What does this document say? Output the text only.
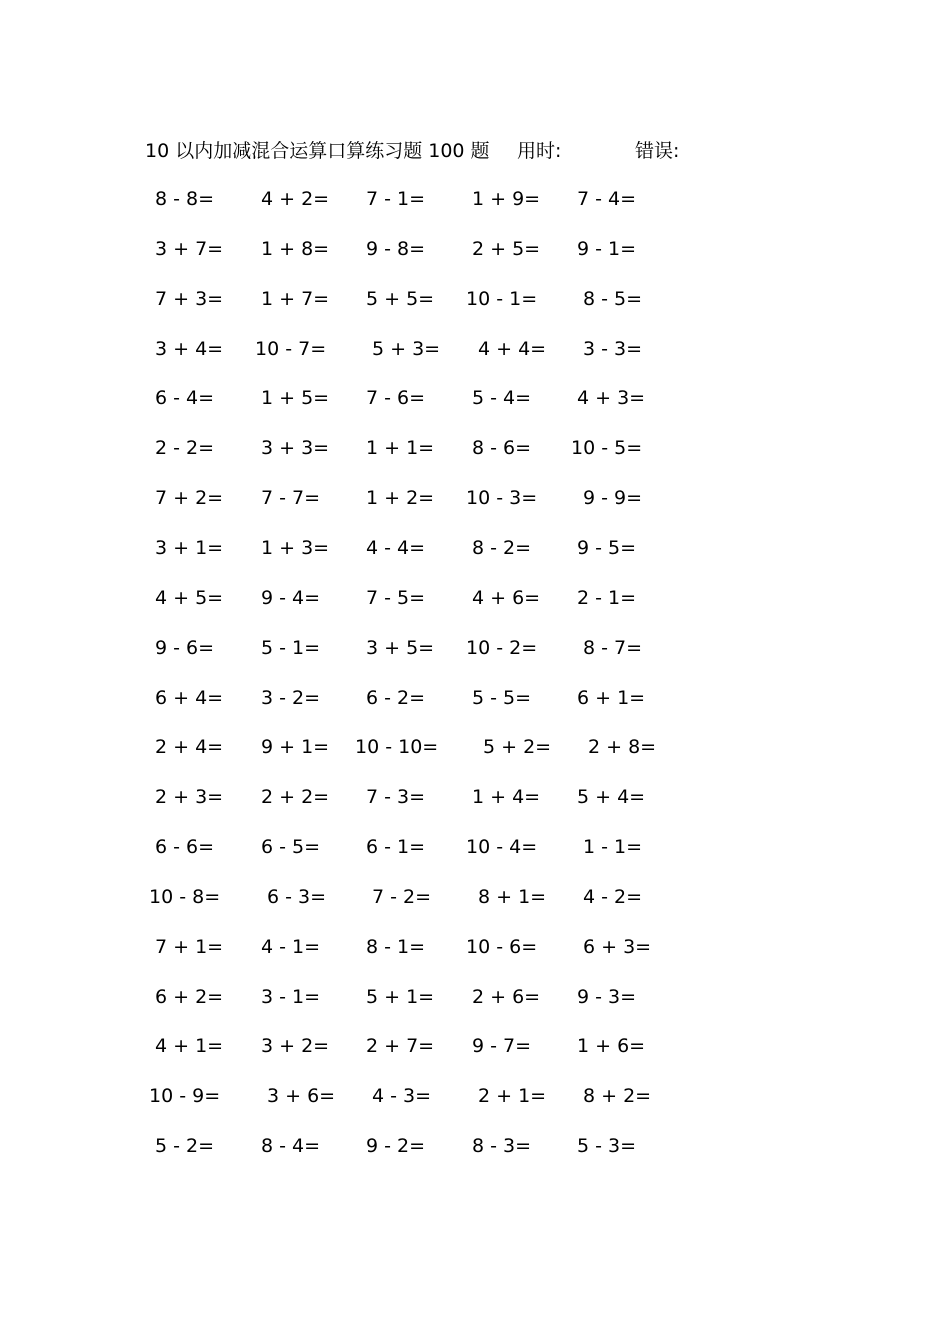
10 以内加减混合运算口算练习题 100 题 用时:	错误:
8 - 8= 4 + 2= 7 - 1= 1 + 9= 7 - 4=
3 + 7= 1 + 8= 9 - 8= 2 + 5= 9 - 1=
7 + 3= 1 + 7= 5 + 5= 10 - 1= 8 - 5=
3 + 4= 10 - 7= 5 + 3= 4 + 4= 3 - 3=
6 - 4= 1 + 5= 7 - 6= 5 - 4= 4 + 3=
2 - 2= 3 + 3= 1 + 1= 8 - 6= 10 - 5=
7 + 2= 7 - 7= 1 + 2= 10 - 3= 9 - 9=
3 + 1= 1 + 3= 4 - 4= 8 - 2= 9 - 5=
4 + 5= 9 - 4= 7 - 5= 4 + 6= 2 - 1=
9 - 6= 5 - 1= 3 + 5= 10 - 2= 8 - 7=
6 + 4= 3 - 2= 6 - 2= 5 - 5= 6 + 1=
2 + 4= 9 + 1= 10 - 10= 5 + 2= 2 + 8=
2 + 3= 2 + 2= 7 - 3= 1 + 4= 5 + 4=
6 - 6= 6 - 5= 6 - 1= 10 - 4= 1 - 1=
10 - 8= 6 - 3= 7 - 2= 8 + 1= 4 - 2=
7 + 1= 4 - 1= 8 - 1= 10 - 6= 6 + 3=
6 + 2= 3 - 1= 5 + 1= 2 + 6= 9 - 3=
4 + 1= 3 + 2= 2 + 7= 9 - 7= 1 + 6=
10 - 9= 3 + 6= 4 - 3= 2 + 1= 8 + 2=
5 - 2= 8 - 4= 9 - 2= 8 - 3= 5 - 3=
